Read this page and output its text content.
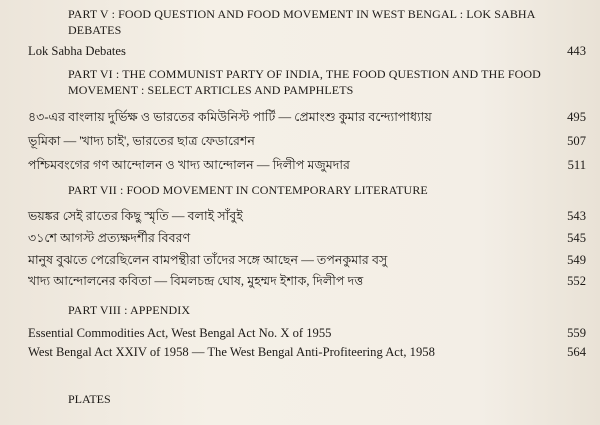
PART V : FOOD QUESTION AND FOOD MOVEMENT IN WEST BENGAL : LOK SABHA DEBATES
Lok Sabha Debates	443
PART VI : THE COMMUNIST PARTY OF INDIA, THE FOOD QUESTION AND THE FOOD MOVEMENT : SELECT ARTICLES AND PAMPHLETS
৪৩-এর বাংলায় দুর্ভিক্ষ ও ভারতের কমিউনিস্ট পার্টি — প্রেমাংশু কুমার বন্দ্যোপাধ্যায়	495
ভূমিকা — 'খাদ্য চাই', ভারতের ছাত্র ফেডারেশন	507
পশ্চিমবংগের গণ আন্দোলন ও খাদ্য আন্দোলন — দিলীপ মজুমদার	511
PART VII : FOOD MOVEMENT IN CONTEMPORARY LITERATURE
ভয়ঙ্কর সেই রাতের কিছু স্মৃতি — বলাই সাঁবুই	543
৩১শে আগস্ট প্রত্যক্ষদর্শীর বিবরণ	545
মানুষ বুঝতে পেরেছিলেন বামপন্থীরা তাঁদের সঙ্গে আছেন — তপনকুমার বসু	549
খাদ্য আন্দোলনের কবিতা — বিমলচন্দ্র ঘোষ, মুহম্মদ ইশাক, দিলীপ দত্ত	552
PART VIII : APPENDIX
Essential Commodities Act, West Bengal Act No. X of 1955	559
West Bengal Act XXIV of 1958 — The West Bengal Anti-Profiteering Act, 1958	564
PLATES
